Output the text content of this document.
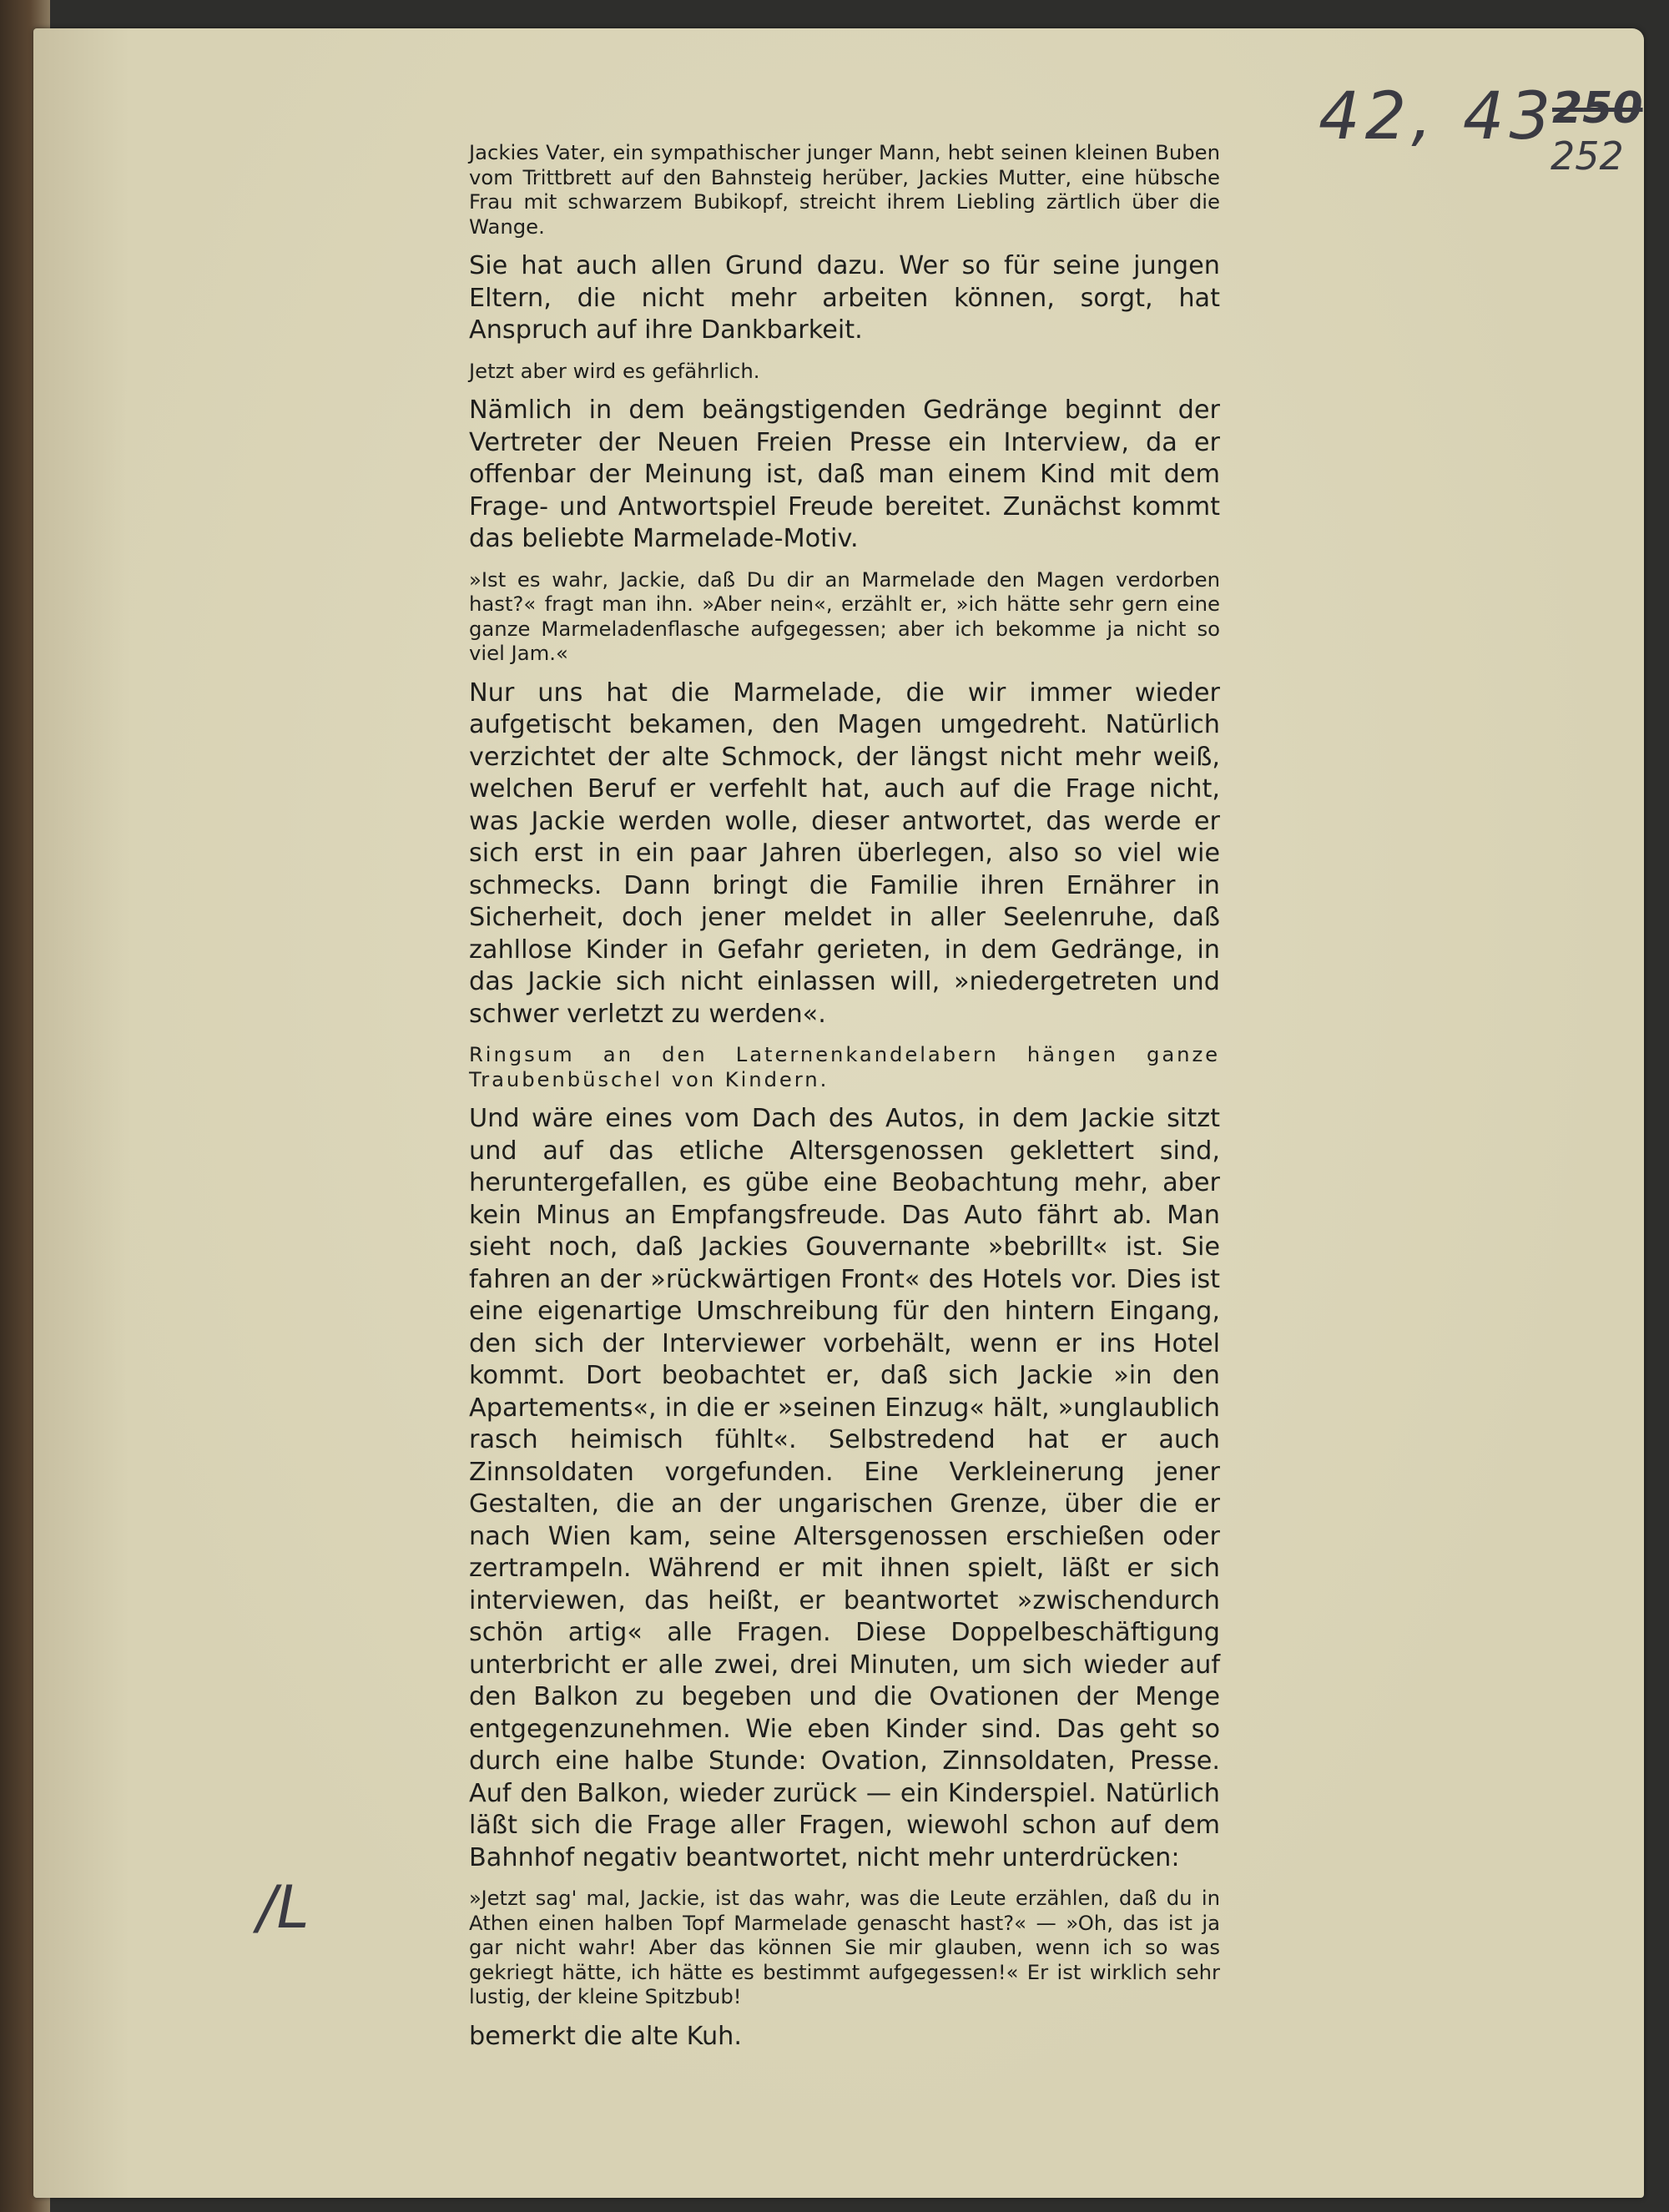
42, 43
250
252
/L

Jackies Vater, ein sympathischer junger Mann, hebt seinen kleinen Buben vom Trittbrett auf den Bahnsteig herüber, Jackies Mutter, eine hübsche Frau mit schwarzem Bubikopf, streicht ihrem Liebling zärtlich über die Wange.

Sie hat auch allen Grund dazu. Wer so für seine jungen Eltern, die nicht mehr arbeiten können, sorgt, hat Anspruch auf ihre Dankbarkeit.

Jetzt aber wird es gefährlich.

Nämlich in dem beängstigenden Gedränge beginnt der Vertreter der Neuen Freien Presse ein Interview, da er offenbar der Meinung ist, daß man einem Kind mit dem Frage- und Antwortspiel Freude bereitet. Zunächst kommt das beliebte Marmelade-Motiv.

»Ist es wahr, Jackie, daß Du dir an Marmelade den Magen verdorben hast?« fragt man ihn. »Aber nein«, erzählt er, »ich hätte sehr gern eine ganze Marmeladenflasche aufgegessen; aber ich bekomme ja nicht so viel Jam.«

Nur uns hat die Marmelade, die wir immer wieder aufgetischt bekamen, den Magen umgedreht. Natürlich verzichtet der alte Schmock, der längst nicht mehr weiß, welchen Beruf er verfehlt hat, auch auf die Frage nicht, was Jackie werden wolle, dieser antwortet, das werde er sich erst in ein paar Jahren überlegen, also so viel wie schmecks. Dann bringt die Familie ihren Ernährer in Sicherheit, doch jener meldet in aller Seelenruhe, daß zahllose Kinder in Gefahr gerieten, in dem Gedränge, in das Jackie sich nicht einlassen will, »niedergetreten und schwer verletzt zu werden«.

Ringsum an den Laternenkandelabern hängen ganze Traubenbüschel von Kindern.

Und wäre eines vom Dach des Autos, in dem Jackie sitzt und auf das etliche Altersgenossen geklettert sind, heruntergefallen, es gübe eine Beobachtung mehr, aber kein Minus an Empfangsfreude. Das Auto fährt ab. Man sieht noch, daß Jackies Gouvernante »bebrillt« ist. Sie fahren an der »rückwärtigen Front« des Hotels vor. Dies ist eine eigenartige Umschreibung für den hintern Eingang, den sich der Interviewer vorbehält, wenn er ins Hotel kommt. Dort beobachtet er, daß sich Jackie »in den Apartements«, in die er »seinen Einzug« hält, »unglaublich rasch heimisch fühlt«. Selbstredend hat er auch Zinnsoldaten vorgefunden. Eine Verkleinerung jener Gestalten, die an der ungarischen Grenze, über die er nach Wien kam, seine Altersgenossen erschießen oder zertrampeln. Während er mit ihnen spielt, läßt er sich interviewen, das heißt, er beantwortet »zwischendurch schön artig« alle Fragen. Diese Doppelbeschäftigung unterbricht er alle zwei, drei Minuten, um sich wieder auf den Balkon zu begeben und die Ovationen der Menge entgegenzunehmen. Wie eben Kinder sind. Das geht so durch eine halbe Stunde: Ovation, Zinnsoldaten, Presse. Auf den Balkon, wieder zurück — ein Kinderspiel. Natürlich läßt sich die Frage aller Fragen, wiewohl schon auf dem Bahnhof negativ beantwortet, nicht mehr unterdrücken:

»Jetzt sag' mal, Jackie, ist das wahr, was die Leute erzählen, daß du in Athen einen halben Topf Marmelade genascht hast?« — »Oh, das ist ja gar nicht wahr! Aber das können Sie mir glauben, wenn ich so was gekriegt hätte, ich hätte es bestimmt aufgegessen!« Er ist wirklich sehr lustig, der kleine Spitzbub!

bemerkt die alte Kuh.
